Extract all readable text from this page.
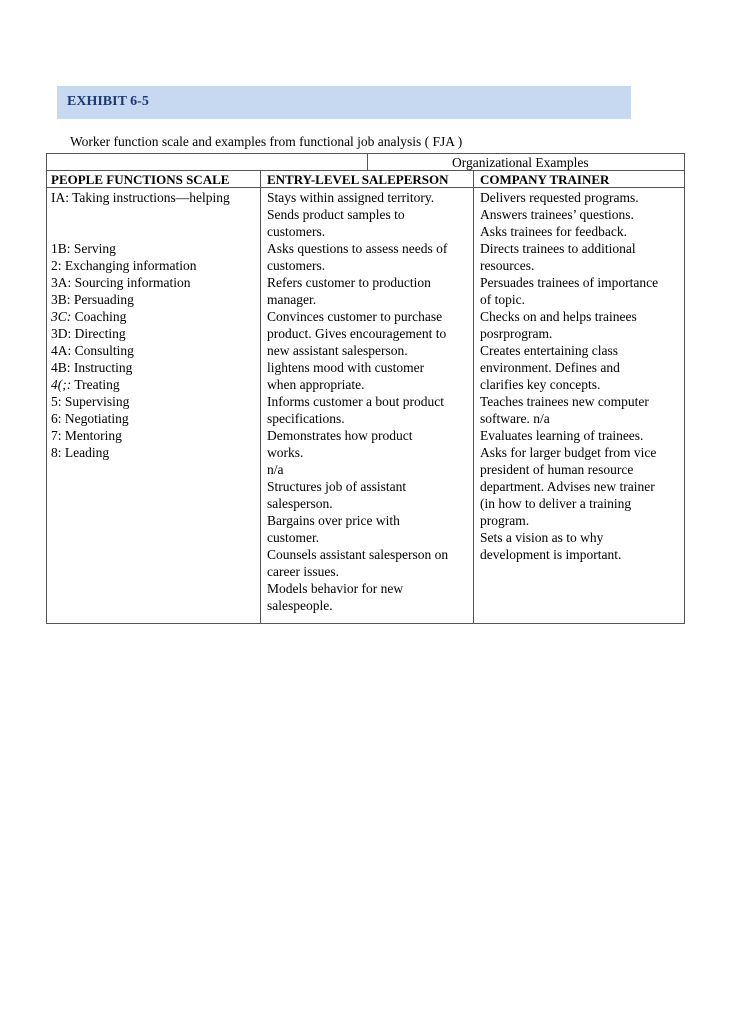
EXHIBIT 6-5
Worker function scale and examples from functional job analysis ( FJA )
Organizational Examples
PEOPLE FUNCTIONS SCALE	ENTRY-LEVEL SALEPERSON COMPANY TRAINER
IA: Taking instructions—helping
1B: Serving
2: Exchanging information
3A: Sourcing information
3B: Persuading
3C: Coaching
3D: Directing
4A: Consulting
4B: Instructing
4(;: Treating
5: Supervising
6: Negotiating
7: Mentoring
8: Leading
Stays within assigned territory.
Sends product samples to
customers.
Asks questions to assess needs of
customers.
Refers customer to production
manager.
Convinces customer to purchase
product. Gives encouragement to
new assistant salesperson.
lightens mood with customer
when appropriate.
Informs customer a bout product
specifications.
Demonstrates how product
works.
n/a
Structures job of assistant
salesperson.
Bargains over price with
customer.
Counsels assistant salesperson on
career issues.
Models behavior for new
salespeople.
Delivers requested programs.
Answers trainees’ questions.
Asks trainees for feedback.
Directs trainees to additional
resources.
Persuades trainees of importance
of topic.
Checks on and helps trainees
posrprogram.
Creates entertaining class
environment. Defines and
clarifies key concepts.
Teaches trainees new computer
software. n/a
Evaluates learning of trainees.
Asks for larger budget from vice
president of human resource
department. Advises new trainer
(in how to deliver a training
program.
Sets a vision as to why
development is important.
